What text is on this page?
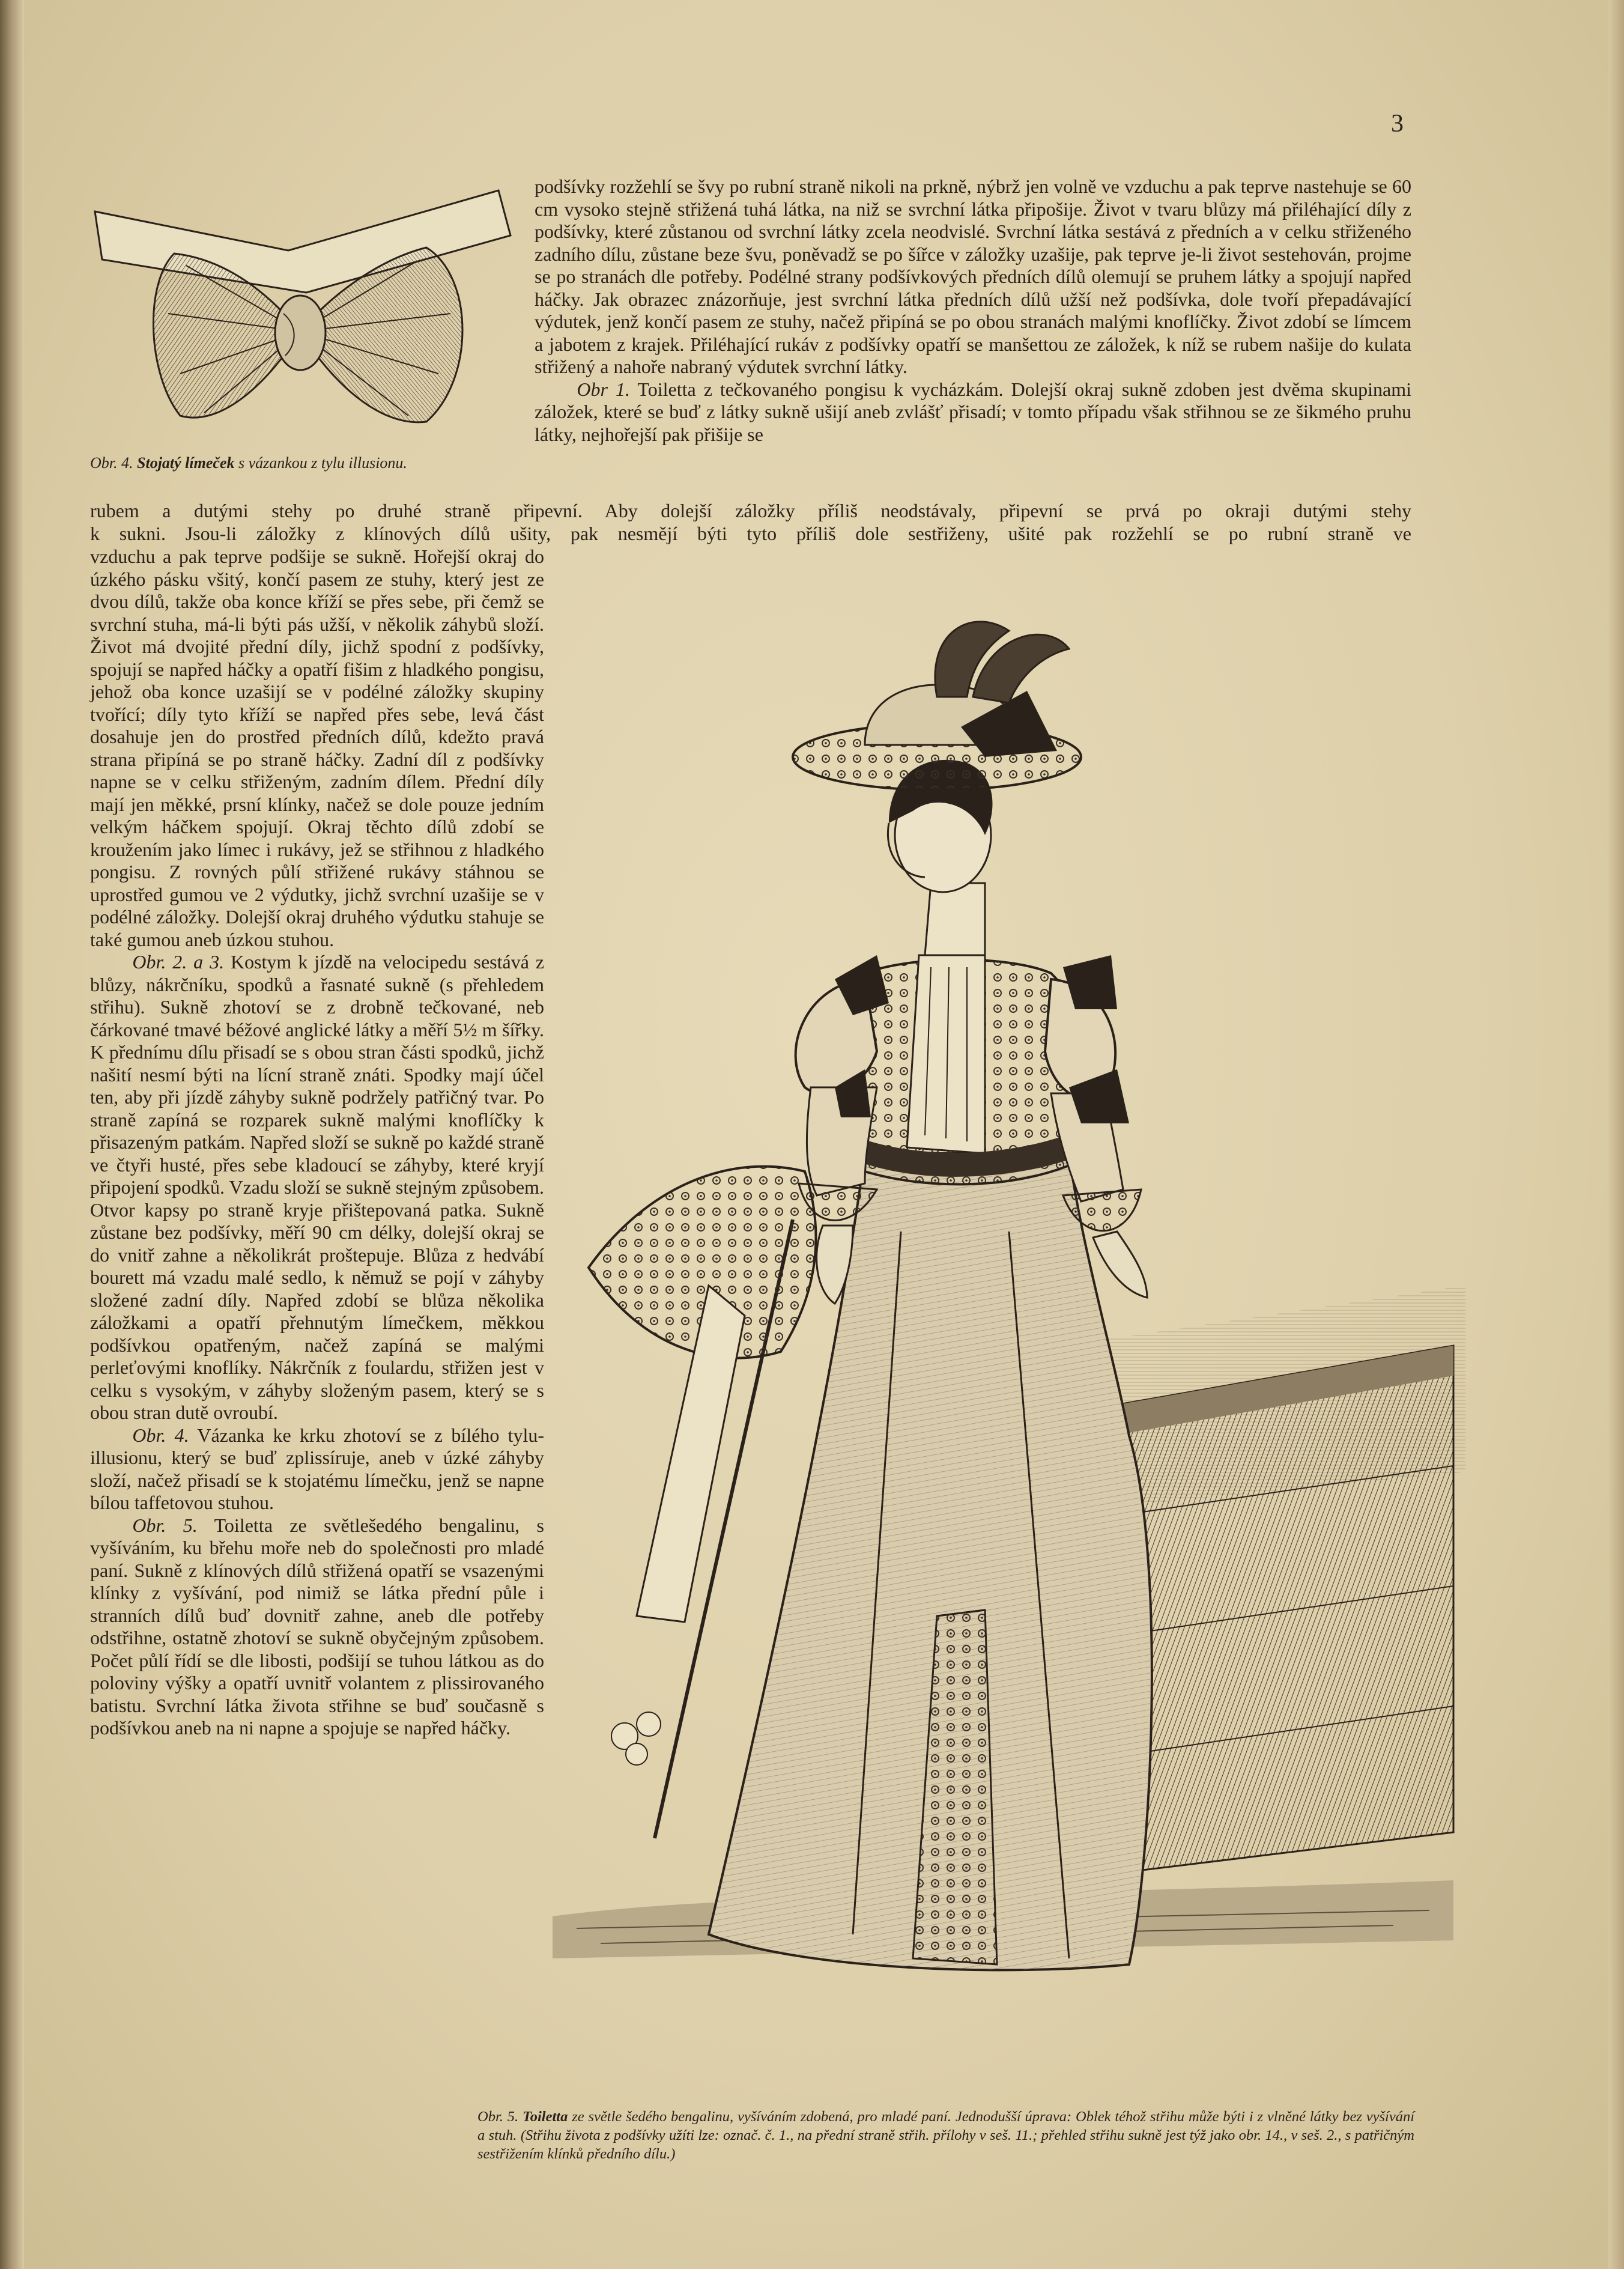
3
Obr. 4. Stojatý límeček s vázankou z tylu illusionu.

podšívky rozžehlí se švy po rubní straně nikoli na prkně, nýbrž jen volně ve vzduchu a pak teprve nastehuje se 60 cm vysoko stejně střižená tuhá látka, na niž se svrchní látka připošije. Život v tvaru blůzy má přiléhající díly z podšívky, které zůstanou od svrchní látky zcela neodvislé. Svrchní látka sestává z předních a v celku střiženého zadního dílu, zůstane beze švu, poněvadž se po šířce v záložky uzašije, pak teprve je-li život sestehován, projme se po stranách dle potřeby. Podélné strany podšívkových předních dílů olemují se pruhem látky a spojují napřed háčky. Jak obrazec znázorňuje, jest svrchní látka předních dílů užší než podšívka, dole tvoří přepadávající výdutek, jenž končí pasem ze stuhy, načež připíná se po obou stranách malými knoflíčky. Život zdobí se límcem a jabotem z krajek. Přiléhající rukáv z podšívky opatří se manšettou ze záložek, k níž se rubem našije do kulata střižený a nahoře nabraný výdutek svrchní látky.

Obr 1. Toiletta z tečkovaného pongisu k vycházkám. Dolejší okraj sukně zdoben jest dvěma skupinami záložek, které se buď z látky sukně ušijí aneb zvlášť přisadí; v tomto případu však střihnou se ze šikmého pruhu látky, nejhořejší pak přišije se

rubem a dutými stehy po druhé straně připevní. Aby dolejší záložky příliš neodstávaly, připevní se prvá po okraji dutými stehy

k sukni. Jsou-li záložky z klínových dílů ušity, pak nesmějí býti tyto příliš dole sestřiženy, ušité pak rozžehlí se po rubní straně ve

vzduchu a pak teprve podšije se sukně. Hořejší okraj do úzkého pásku všitý, končí pasem ze stuhy, který jest ze dvou dílů, takže oba konce kříží se přes sebe, při čemž se svrchní stuha, má-li býti pás užší, v několik záhybů složí. Život má dvojité přední díly, jichž spodní z podšívky, spojují se napřed háčky a opatří fišim z hladkého pongisu, jehož oba konce uzašijí se v podélné záložky skupiny tvořící; díly tyto kříží se napřed přes sebe, levá část dosahuje jen do prostřed předních dílů, kdežto pravá strana připíná se po straně háčky. Zadní díl z podšívky napne se v celku střiženým, zadním dílem. Přední díly mají jen měkké, prsní klínky, načež se dole pouze jedním velkým háčkem spojují. Okraj těchto dílů zdobí se kroužením jako límec i rukávy, jež se střihnou z hladkého pongisu. Z rovných půlí střižené rukávy stáhnou se uprostřed gumou ve 2 výdutky, jichž svrchní uzašije se v podélné záložky. Dolejší okraj druhého výdutku stahuje se také gumou aneb úzkou stuhou.

Obr. 2. a 3. Kostym k jízdě na velocipedu sestává z blůzy, nákrčníku, spodků a řasnaté sukně (s přehledem střihu). Sukně zhotoví se z drobně tečkované, neb čárkované tmavé béžové anglické látky a měří 5½ m šířky. K přednímu dílu přisadí se s obou stran části spodků, jichž našití nesmí býti na lícní straně znáti. Spodky mají účel ten, aby při jízdě záhyby sukně podržely patřičný tvar. Po straně zapíná se rozparek sukně malými knoflíčky k přisazeným patkám. Napřed složí se sukně po každé straně ve čtyři husté, přes sebe kladoucí se záhyby, které kryjí připojení spodků. Vzadu složí se sukně stejným způsobem. Otvor kapsy po straně kryje přištepovaná patka. Sukně zůstane bez podšívky, měří 90 cm délky, dolejší okraj se do vnitř zahne a několikrát proštepuje. Blůza z hedvábí bourett má vzadu malé sedlo, k němuž se pojí v záhyby složené zadní díly. Napřed zdobí se blůza několika záložkami a opatří přehnutým límečkem, měkkou podšívkou opatřeným, načež zapíná se malými perleťovými knoflíky. Nákrčník z foulardu, střižen jest v celku s vysokým, v záhyby složeným pasem, který se s obou stran dutě ovroubí.

Obr. 4. Vázanka ke krku zhotoví se z bílého tylu-illusionu, který se buď zplissíruje, aneb v úzké záhyby složí, načež přisadí se k stojatému límečku, jenž se napne bílou taffetovou stuhou.

Obr. 5. Toiletta ze světlešedého bengalinu, s vyšíváním, ku břehu moře neb do společnosti pro mladé paní. Sukně z klínových dílů střižená opatří se vsazenými klínky z vyšívání, pod nimiž se látka přední půle i stranních dílů buď dovnitř zahne, aneb dle potřeby odstřihne, ostatně zhotoví se sukně obyčejným způsobem. Počet půlí řídí se dle libosti, podšijí se tuhou látkou as do poloviny výšky a opatří uvnitř volantem z plissirovaného batistu. Svrchní látka života střihne se buď současně s podšívkou aneb na ni napne a spojuje se napřed háčky.

Obr. 5. Toiletta ze světle šedého bengalinu, vyšíváním zdobená, pro mladé paní. Jednodušší úprava: Oblek téhož střihu může býti i z vlněné látky bez vyšívání a stuh. (Střihu života z podšívky užíti lze: označ. č. 1., na přední straně střih. přílohy v seš. 11.; přehled střihu sukně jest týž jako obr. 14., v seš. 2., s patřičným sestřižením klínků předního dílu.)
